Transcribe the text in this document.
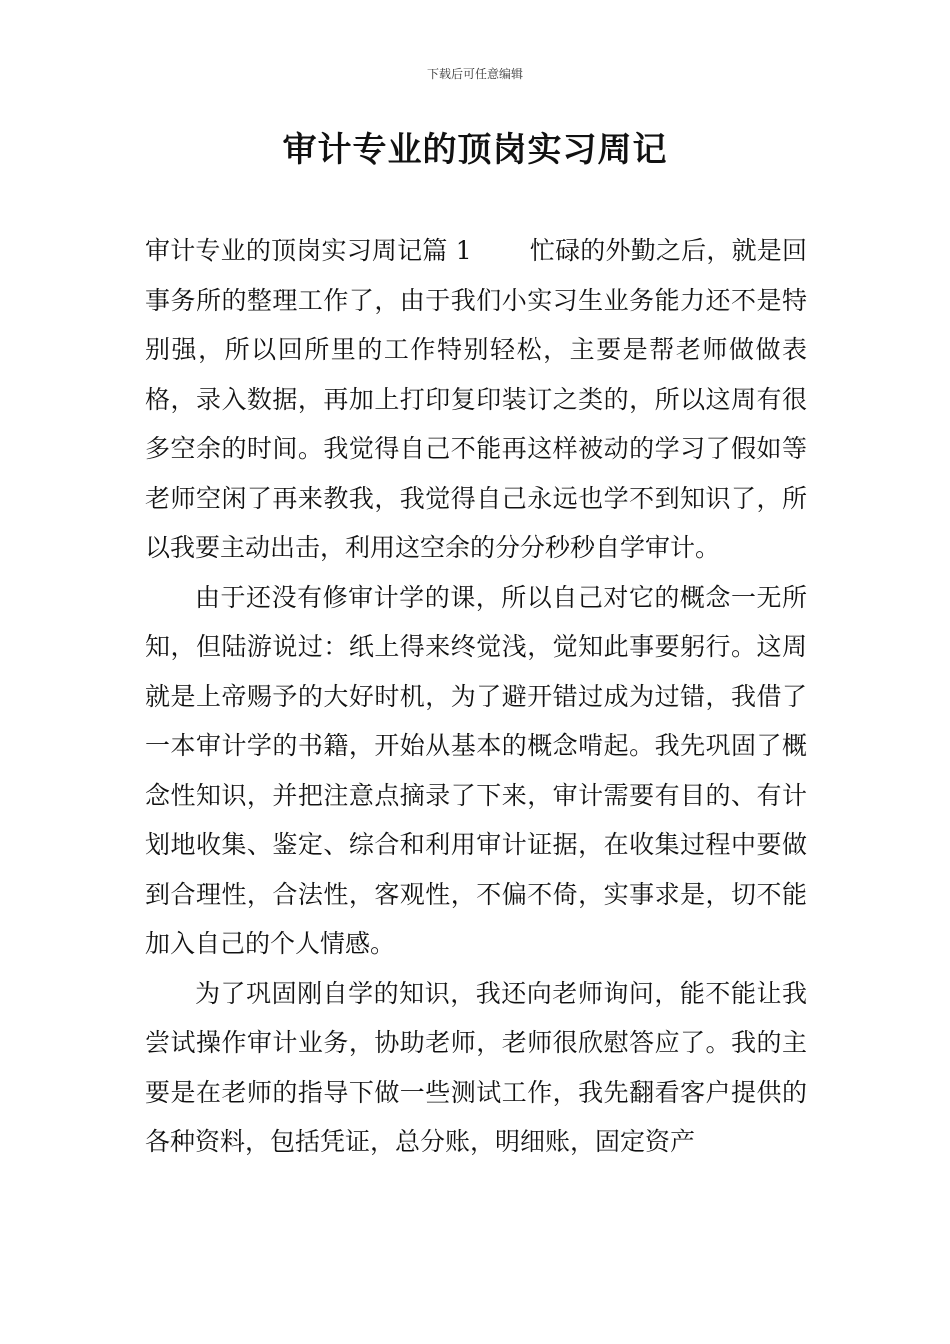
下载后可任意编辑
审计专业的顶岗实习周记

审计专业的顶岗实习周记篇 1 忙碌的外勤之后，就是回事务所的整理工作了，由于我们小实习生业务能力还不是特别强，所以回所里的工作特别轻松，主要是帮老师做做表格，录入数据，再加上打印复印装订之类的，所以这周有很多空余的时间。我觉得自己不能再这样被动的学习了假如等老师空闲了再来教我，我觉得自己永远也学不到知识了，所以我要主动出击，利用这空余的分分秒秒自学审计。

由于还没有修审计学的课，所以自己对它的概念一无所知，但陆游说过：纸上得来终觉浅，觉知此事要躬行。这周就是上帝赐予的大好时机，为了避开错过成为过错，我借了一本审计学的书籍，开始从基本的概念啃起。我先巩固了概念性知识，并把注意点摘录了下来，审计需要有目的、有计划地收集、鉴定、综合和利用审计证据，在收集过程中要做到合理性，合法性，客观性，不偏不倚，实事求是，切不能加入自己的个人情感。

为了巩固刚自学的知识，我还向老师询问，能不能让我尝试操作审计业务，协助老师，老师很欣慰答应了。我的主要是在老师的指导下做一些测试工作，我先翻看客户提供的各种资料，包括凭证，总分账，明细账，固定资产
